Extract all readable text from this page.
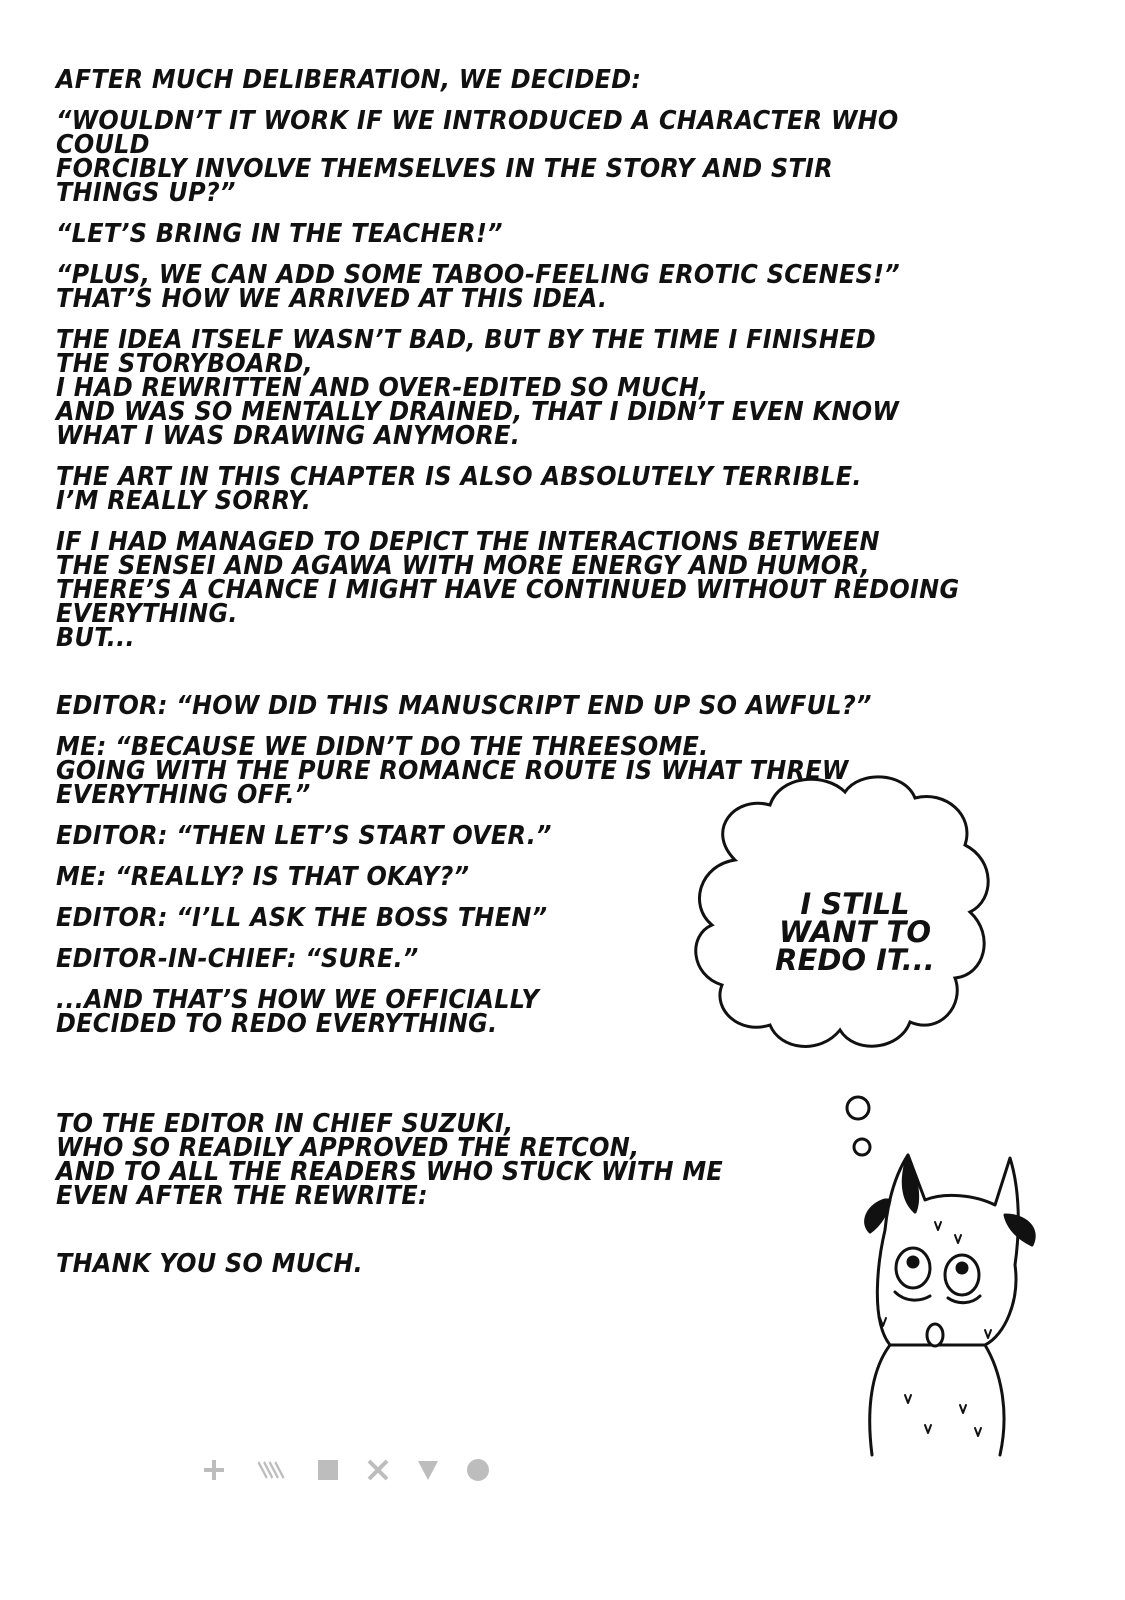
AFTER MUCH DELIBERATION, WE DECIDED:

“WOULDN’T IT WORK IF WE INTRODUCED A CHARACTER WHO COULD
FORCIBLY INVOLVE THEMSELVES IN THE STORY AND STIR
THINGS UP?”

“LET’S BRING IN THE TEACHER!”

“PLUS, WE CAN ADD SOME TABOO-FEELING EROTIC SCENES!”
THAT’S HOW WE ARRIVED AT THIS IDEA.

THE IDEA ITSELF WASN’T BAD, BUT BY THE TIME I FINISHED
THE STORYBOARD,
I HAD REWRITTEN AND OVER-EDITED SO MUCH,
AND WAS SO MENTALLY DRAINED, THAT I DIDN’T EVEN KNOW
WHAT I WAS DRAWING ANYMORE.

THE ART IN THIS CHAPTER IS ALSO ABSOLUTELY TERRIBLE.
I’M REALLY SORRY.

IF I HAD MANAGED TO DEPICT THE INTERACTIONS BETWEEN
THE SENSEI AND AGAWA WITH MORE ENERGY AND HUMOR,
THERE’S A CHANCE I MIGHT HAVE CONTINUED WITHOUT REDOING
EVERYTHING.
BUT...

EDITOR: “HOW DID THIS MANUSCRIPT END UP SO AWFUL?”

ME: “BECAUSE WE DIDN’T DO THE THREESOME.
GOING WITH THE PURE ROMANCE ROUTE IS WHAT THREW
EVERYTHING OFF.”

EDITOR: “THEN LET’S START OVER.”

ME: “REALLY? IS THAT OKAY?”

EDITOR: “I’LL ASK THE BOSS THEN”

EDITOR-IN-CHIEF: “SURE.”

...AND THAT’S HOW WE OFFICIALLY
DECIDED TO REDO EVERYTHING.

TO THE EDITOR IN CHIEF SUZUKI,
WHO SO READILY APPROVED THE RETCON,
AND TO ALL THE READERS WHO STUCK WITH ME
EVEN AFTER THE REWRITE:

THANK YOU SO MUCH.

I STILL
WANT TO
REDO IT...
